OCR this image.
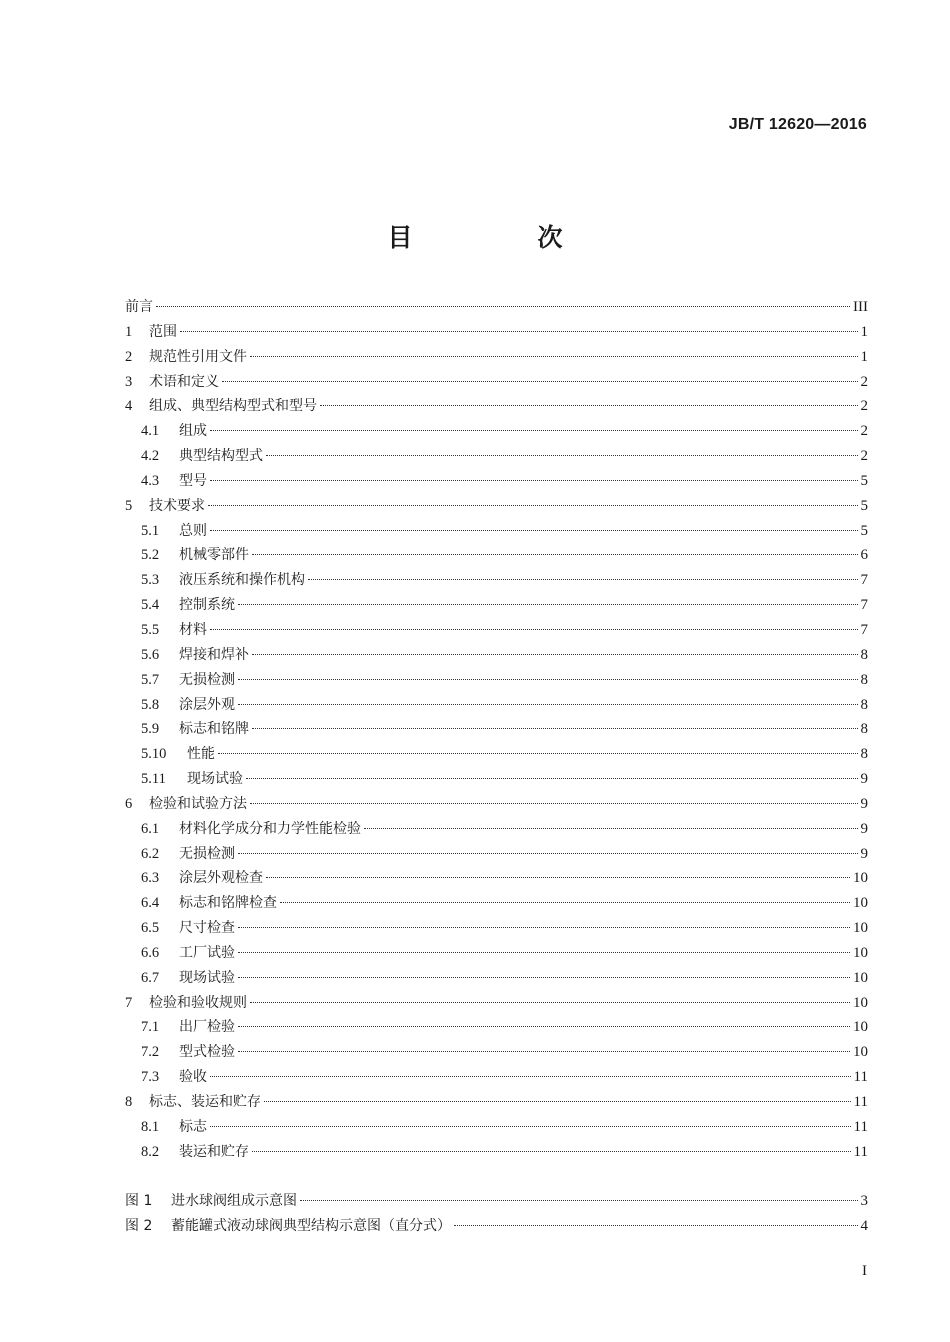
JB/T 12620—2016
目　次
前言	III
1	范围	1
2	规范性引用文件	1
3	术语和定义	2
4	组成、典型结构型式和型号	2
4.1	组成	2
4.2	典型结构型式	2
4.3	型号	5
5	技术要求	5
5.1	总则	5
5.2	机械零部件	6
5.3	液压系统和操作机构	7
5.4	控制系统	7
5.5	材料	7
5.6	焊接和焊补	8
5.7	无损检测	8
5.8	涂层外观	8
5.9	标志和铭牌	8
5.10	性能	8
5.11	现场试验	9
6	检验和试验方法	9
6.1	材料化学成分和力学性能检验	9
6.2	无损检测	9
6.3	涂层外观检查	10
6.4	标志和铭牌检查	10
6.5	尺寸检查	10
6.6	工厂试验	10
6.7	现场试验	10
7	检验和验收规则	10
7.1	出厂检验	10
7.2	型式检验	10
7.3	验收	11
8	标志、装运和贮存	11
8.1	标志	11
8.2	装运和贮存	11
图 1	进水球阀组成示意图	3
图 2	蓄能罐式液动球阀典型结构示意图（直分式）	4
I
